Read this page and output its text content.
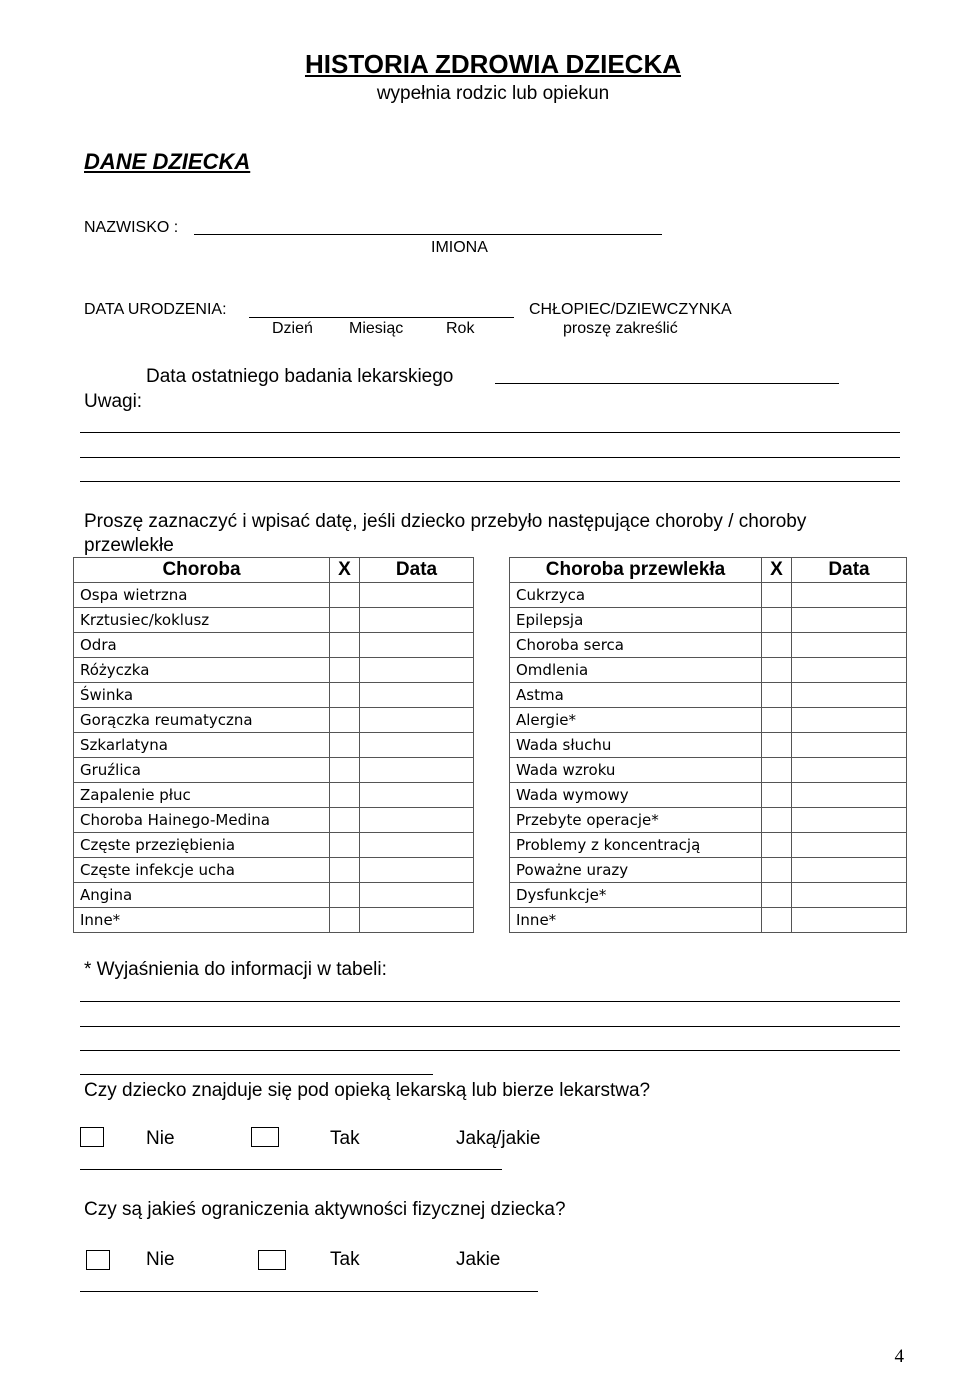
HISTORIA ZDROWIA DZIECKA
wypełnia rodzic lub opiekun
DANE DZIECKA
NAZWISKO :
IMIONA
DATA URODZENIA:	CHŁOPIEC/DZIEWCZYNKA
Dzień Miesiąc	Rok	proszę zakreślić
Data ostatniego badania lekarskiego
Uwagi:
Proszę zaznaczyć i wpisać datę, jeśli dziecko przebyło następujące choroby / choroby
przewlekłe
Choroba	X	Data
Ospa wietrzna		
Krztusiec/koklusz		
Odra		
Różyczka		
Świnka		
Gorączka reumatyczna		
Szkarlatyna		
Gruźlica		
Zapalenie płuc		
Choroba Hainego-Medina		
Częste przeziębienia		
Częste infekcje ucha		
Angina		
Inne*		
Choroba przewlekła	X	Data
Cukrzyca		
Epilepsja		
Choroba serca		
Omdlenia		
Astma		
Alergie*		
Wada słuchu		
Wada wzroku		
Wada wymowy		
Przebyte operacje*		
Problemy z koncentracją		
Poważne urazy		
Dysfunkcje*		
Inne*		
* Wyjaśnienia do informacji w tabeli:
Czy dziecko znajduje się pod opieką lekarską lub bierze lekarstwa?
Nie	Tak	Jaką/jakie
Czy są jakieś ograniczenia aktywności fizycznej dziecka?
Nie	Tak	Jakie
4
